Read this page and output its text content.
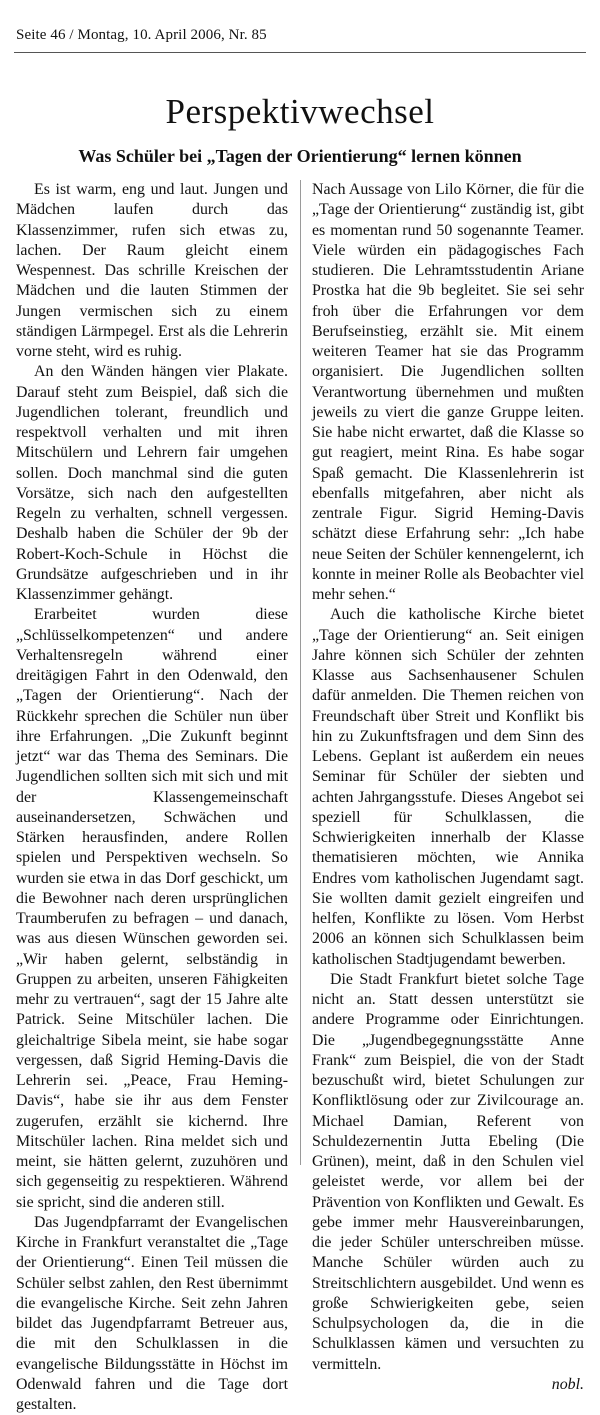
Seite 46 / Montag, 10. April 2006, Nr. 85
Perspektivwechsel
Was Schüler bei „Tagen der Orientierung“ lernen können

Es ist warm, eng und laut. Jungen und Mädchen laufen durch das Klassenzimmer, rufen sich etwas zu, lachen. Der Raum gleicht einem Wespennest. Das schrille Kreischen der Mädchen und die lauten Stimmen der Jungen vermischen sich zu einem ständigen Lärmpegel. Erst als die Lehrerin vorne steht, wird es ruhig.

An den Wänden hängen vier Plakate. Darauf steht zum Beispiel, daß sich die Jugendlichen tolerant, freundlich und respektvoll verhalten und mit ihren Mitschülern und Lehrern fair umgehen sollen. Doch manchmal sind die guten Vorsätze, sich nach den aufgestellten Regeln zu verhalten, schnell vergessen. Deshalb haben die Schüler der 9b der Robert-Koch-Schule in Höchst die Grundsätze aufgeschrieben und in ihr Klassenzimmer gehängt.

Erarbeitet wurden diese „Schlüsselkompetenzen“ und andere Verhaltensregeln während einer dreitägigen Fahrt in den Odenwald, den „Tagen der Orientierung“. Nach der Rückkehr sprechen die Schüler nun über ihre Erfahrungen. „Die Zukunft beginnt jetzt“ war das Thema des Seminars. Die Jugendlichen sollten sich mit sich und mit der Klassengemeinschaft auseinandersetzen, Schwächen und Stärken herausfinden, andere Rollen spielen und Perspektiven wechseln. So wurden sie etwa in das Dorf geschickt, um die Bewohner nach deren ursprünglichen Traumberufen zu befragen – und danach, was aus diesen Wünschen geworden sei. „Wir haben gelernt, selbständig in Gruppen zu arbeiten, unseren Fähigkeiten mehr zu vertrauen“, sagt der 15 Jahre alte Patrick. Seine Mitschüler lachen. Die gleichaltrige Sibela meint, sie habe sogar vergessen, daß Sigrid Heming-Davis die Lehrerin sei. „Peace, Frau Heming-Davis“, habe sie ihr aus dem Fenster zugerufen, erzählt sie kichernd. Ihre Mitschüler lachen. Rina meldet sich und meint, sie hätten gelernt, zuzuhören und sich gegenseitig zu respektieren. Während sie spricht, sind die anderen still.

Das Jugendpfarramt der Evangelischen Kirche in Frankfurt veranstaltet die „Tage der Orientierung“. Einen Teil müssen die Schüler selbst zahlen, den Rest übernimmt die evangelische Kirche. Seit zehn Jahren bildet das Jugendpfarramt Betreuer aus, die mit den Schulklassen in die evangelische Bildungsstätte in Höchst im Odenwald fahren und die Tage dort gestalten.

Nach Aussage von Lilo Körner, die für die „Tage der Orientierung“ zuständig ist, gibt es momentan rund 50 sogenannte Teamer. Viele würden ein pädagogisches Fach studieren. Die Lehramtsstudentin Ariane Prostka hat die 9b begleitet. Sie sei sehr froh über die Erfahrungen vor dem Berufseinstieg, erzählt sie. Mit einem weiteren Teamer hat sie das Programm organisiert. Die Jugendlichen sollten Verantwortung übernehmen und mußten jeweils zu viert die ganze Gruppe leiten. Sie habe nicht erwartet, daß die Klasse so gut reagiert, meint Rina. Es habe sogar Spaß gemacht. Die Klassenlehrerin ist ebenfalls mitgefahren, aber nicht als zentrale Figur. Sigrid Heming-Davis schätzt diese Erfahrung sehr: „Ich habe neue Seiten der Schüler kennengelernt, ich konnte in meiner Rolle als Beobachter viel mehr sehen.“

Auch die katholische Kirche bietet „Tage der Orientierung“ an. Seit einigen Jahre können sich Schüler der zehnten Klasse aus Sachsenhausener Schulen dafür anmelden. Die Themen reichen von Freundschaft über Streit und Konflikt bis hin zu Zukunftsfragen und dem Sinn des Lebens. Geplant ist außerdem ein neues Seminar für Schüler der siebten und achten Jahrgangsstufe. Dieses Angebot sei speziell für Schulklassen, die Schwierigkeiten innerhalb der Klasse thematisieren möchten, wie Annika Endres vom katholischen Jugendamt sagt. Sie wollten damit gezielt eingreifen und helfen, Konflikte zu lösen. Vom Herbst 2006 an können sich Schulklassen beim katholischen Stadtjugendamt bewerben.

Die Stadt Frankfurt bietet solche Tage nicht an. Statt dessen unterstützt sie andere Programme oder Einrichtungen. Die „Jugendbegegnungsstätte Anne Frank“ zum Beispiel, die von der Stadt bezuschußt wird, bietet Schulungen zur Konfliktlösung oder zur Zivilcourage an. Michael Damian, Referent von Schuldezernentin Jutta Ebeling (Die Grünen), meint, daß in den Schulen viel geleistet werde, vor allem bei der Prävention von Konflikten und Gewalt. Es gebe immer mehr Hausvereinbarungen, die jeder Schüler unterschreiben müsse. Manche Schüler würden auch zu Streitschlichtern ausgebildet. Und wenn es große Schwierigkeiten gebe, seien Schulpsychologen da, die in die Schulklassen kämen und versuchten zu vermitteln.

nobl.
